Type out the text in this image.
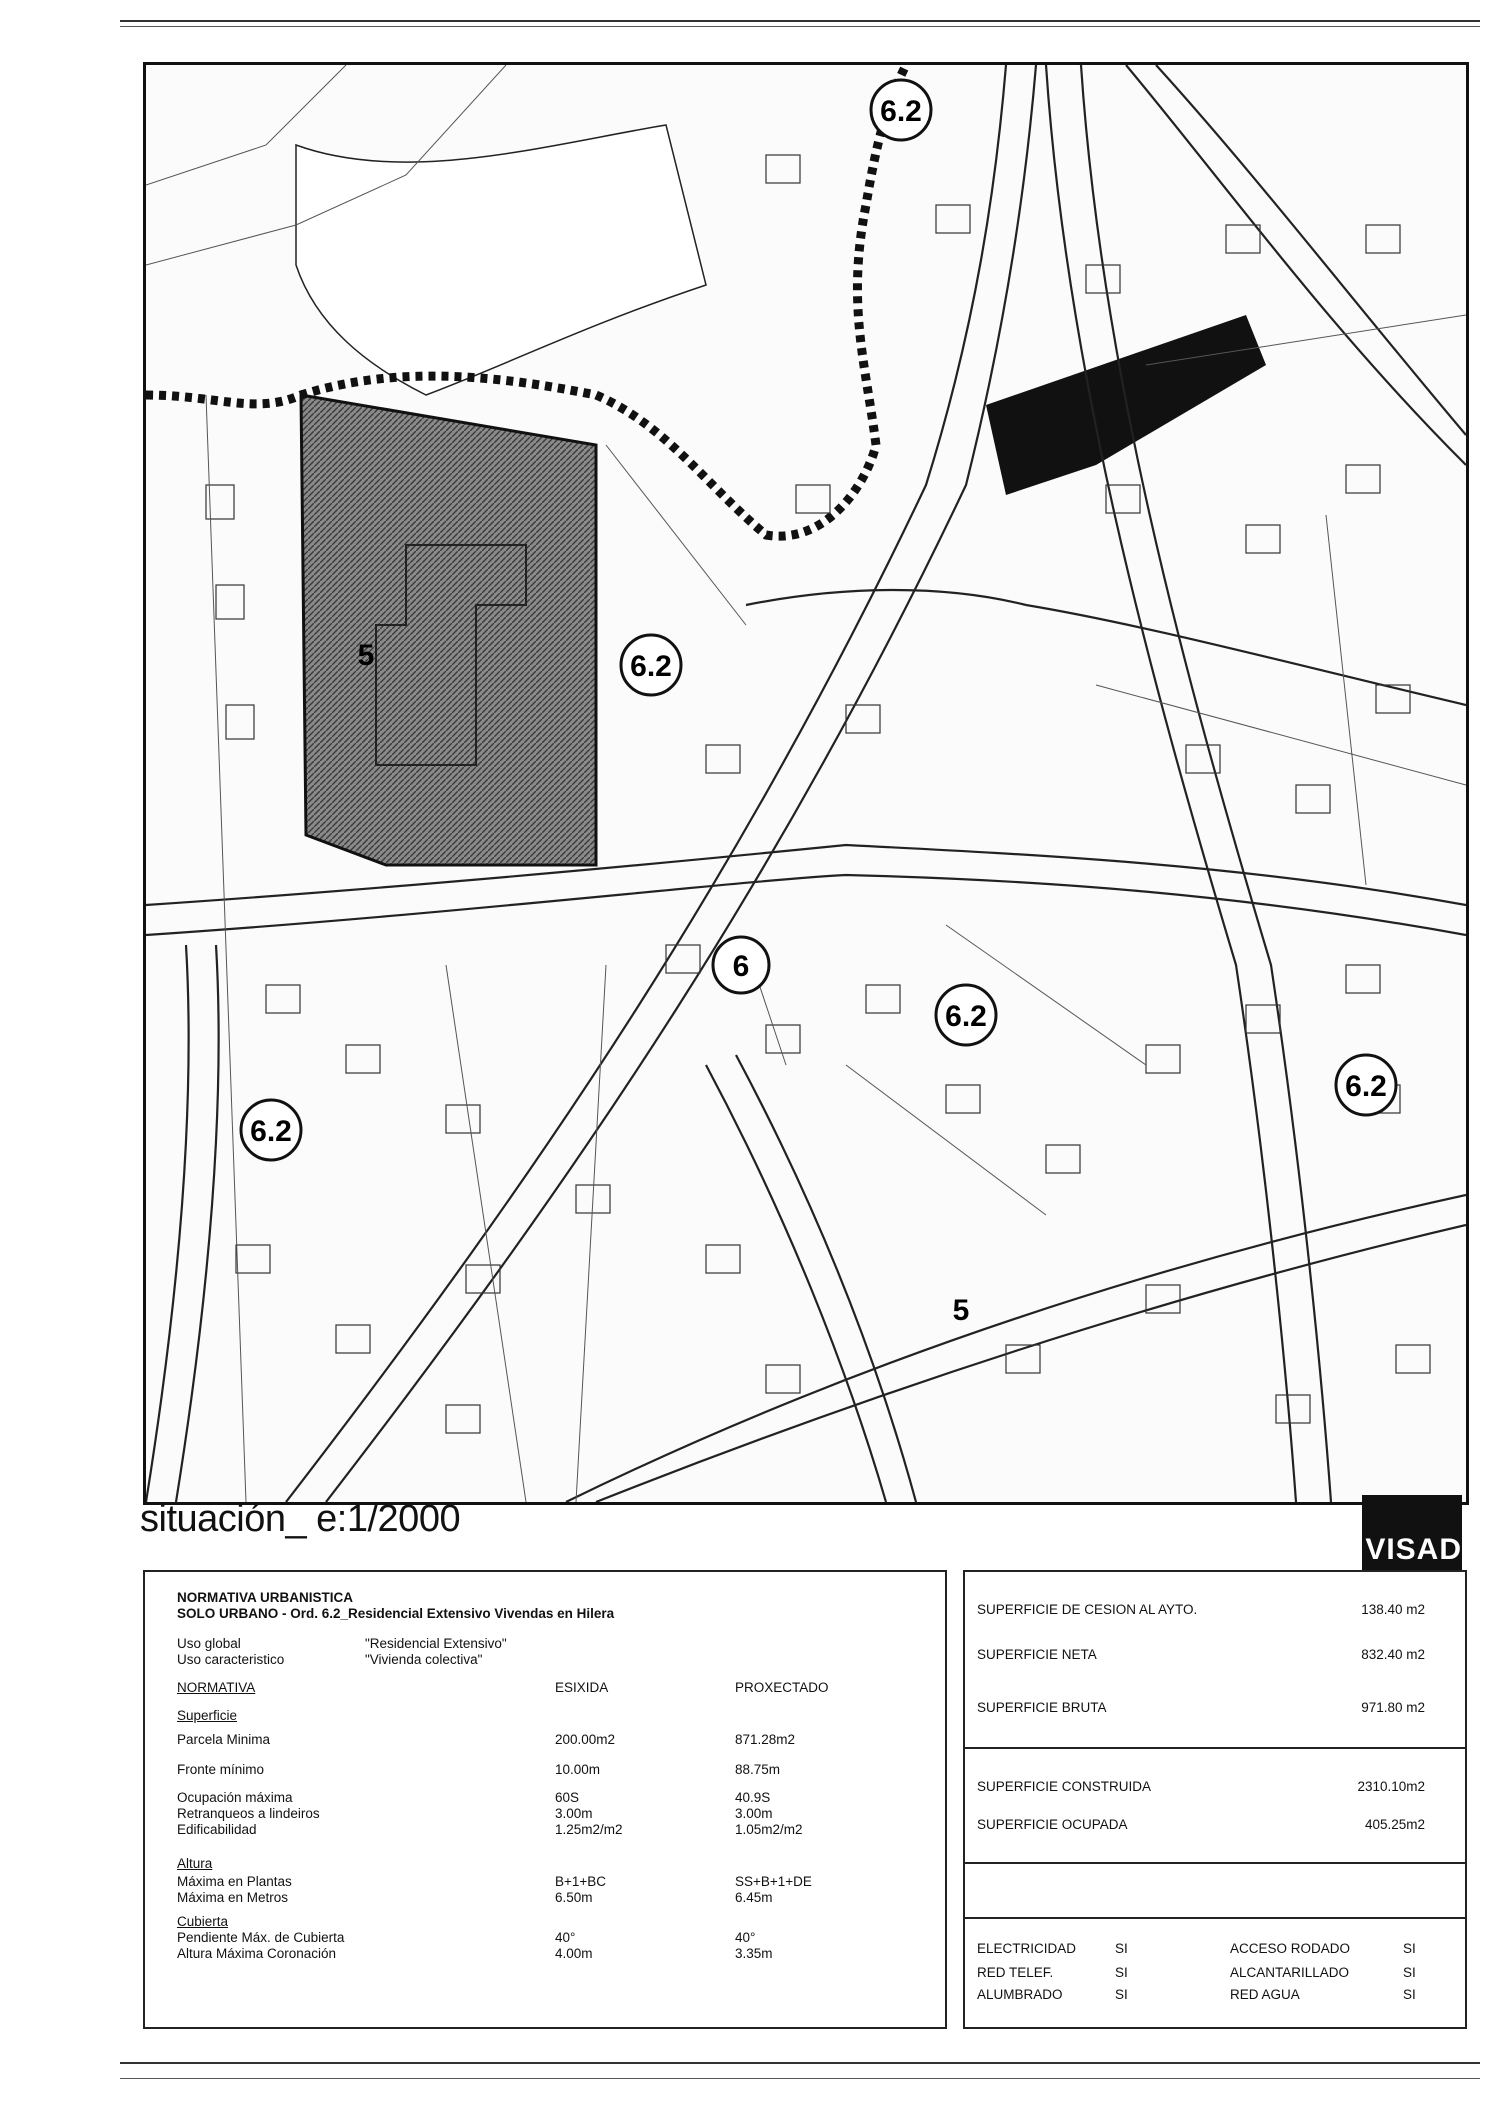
6.2
6.2
6
6.2
6.2
6.2
5
5
situación_ e:1/2000
VISAD
NORMATIVA URBANISTICA
SOLO URBANO - Ord. 6.2_Residencial Extensivo Vivendas en Hilera
Uso global	"Residencial Extensivo"
Uso caracteristico	"Vivienda colectiva"
NORMATIVA	ESIXIDA	PROXECTADO
Superficie
Parcela Minima	200.00m2	871.28m2
Fronte mínimo	10.00m	88.75m
Ocupación máxima	60S	40.9S
Retranqueos a lindeiros	3.00m	3.00m
Edificabilidad	1.25m2/m2	1.05m2/m2
Altura
Máxima en Plantas	B+1+BC	SS+B+1+DE
Máxima en Metros	6.50m	6.45m
Cubierta
Pendiente Máx. de Cubierta	40°	40°
Altura Máxima Coronación	4.00m	3.35m
SUPERFICIE DE CESION AL AYTO.	138.40 m2
SUPERFICIE NETA	832.40 m2
SUPERFICIE BRUTA	971.80 m2
SUPERFICIE CONSTRUIDA	2310.10m2
SUPERFICIE OCUPADA	405.25m2
ELECTRICIDAD	SI	ACCESO RODADO	SI
RED TELEF.	SI	ALCANTARILLADO	SI
ALUMBRADO	SI	RED AGUA	SI
